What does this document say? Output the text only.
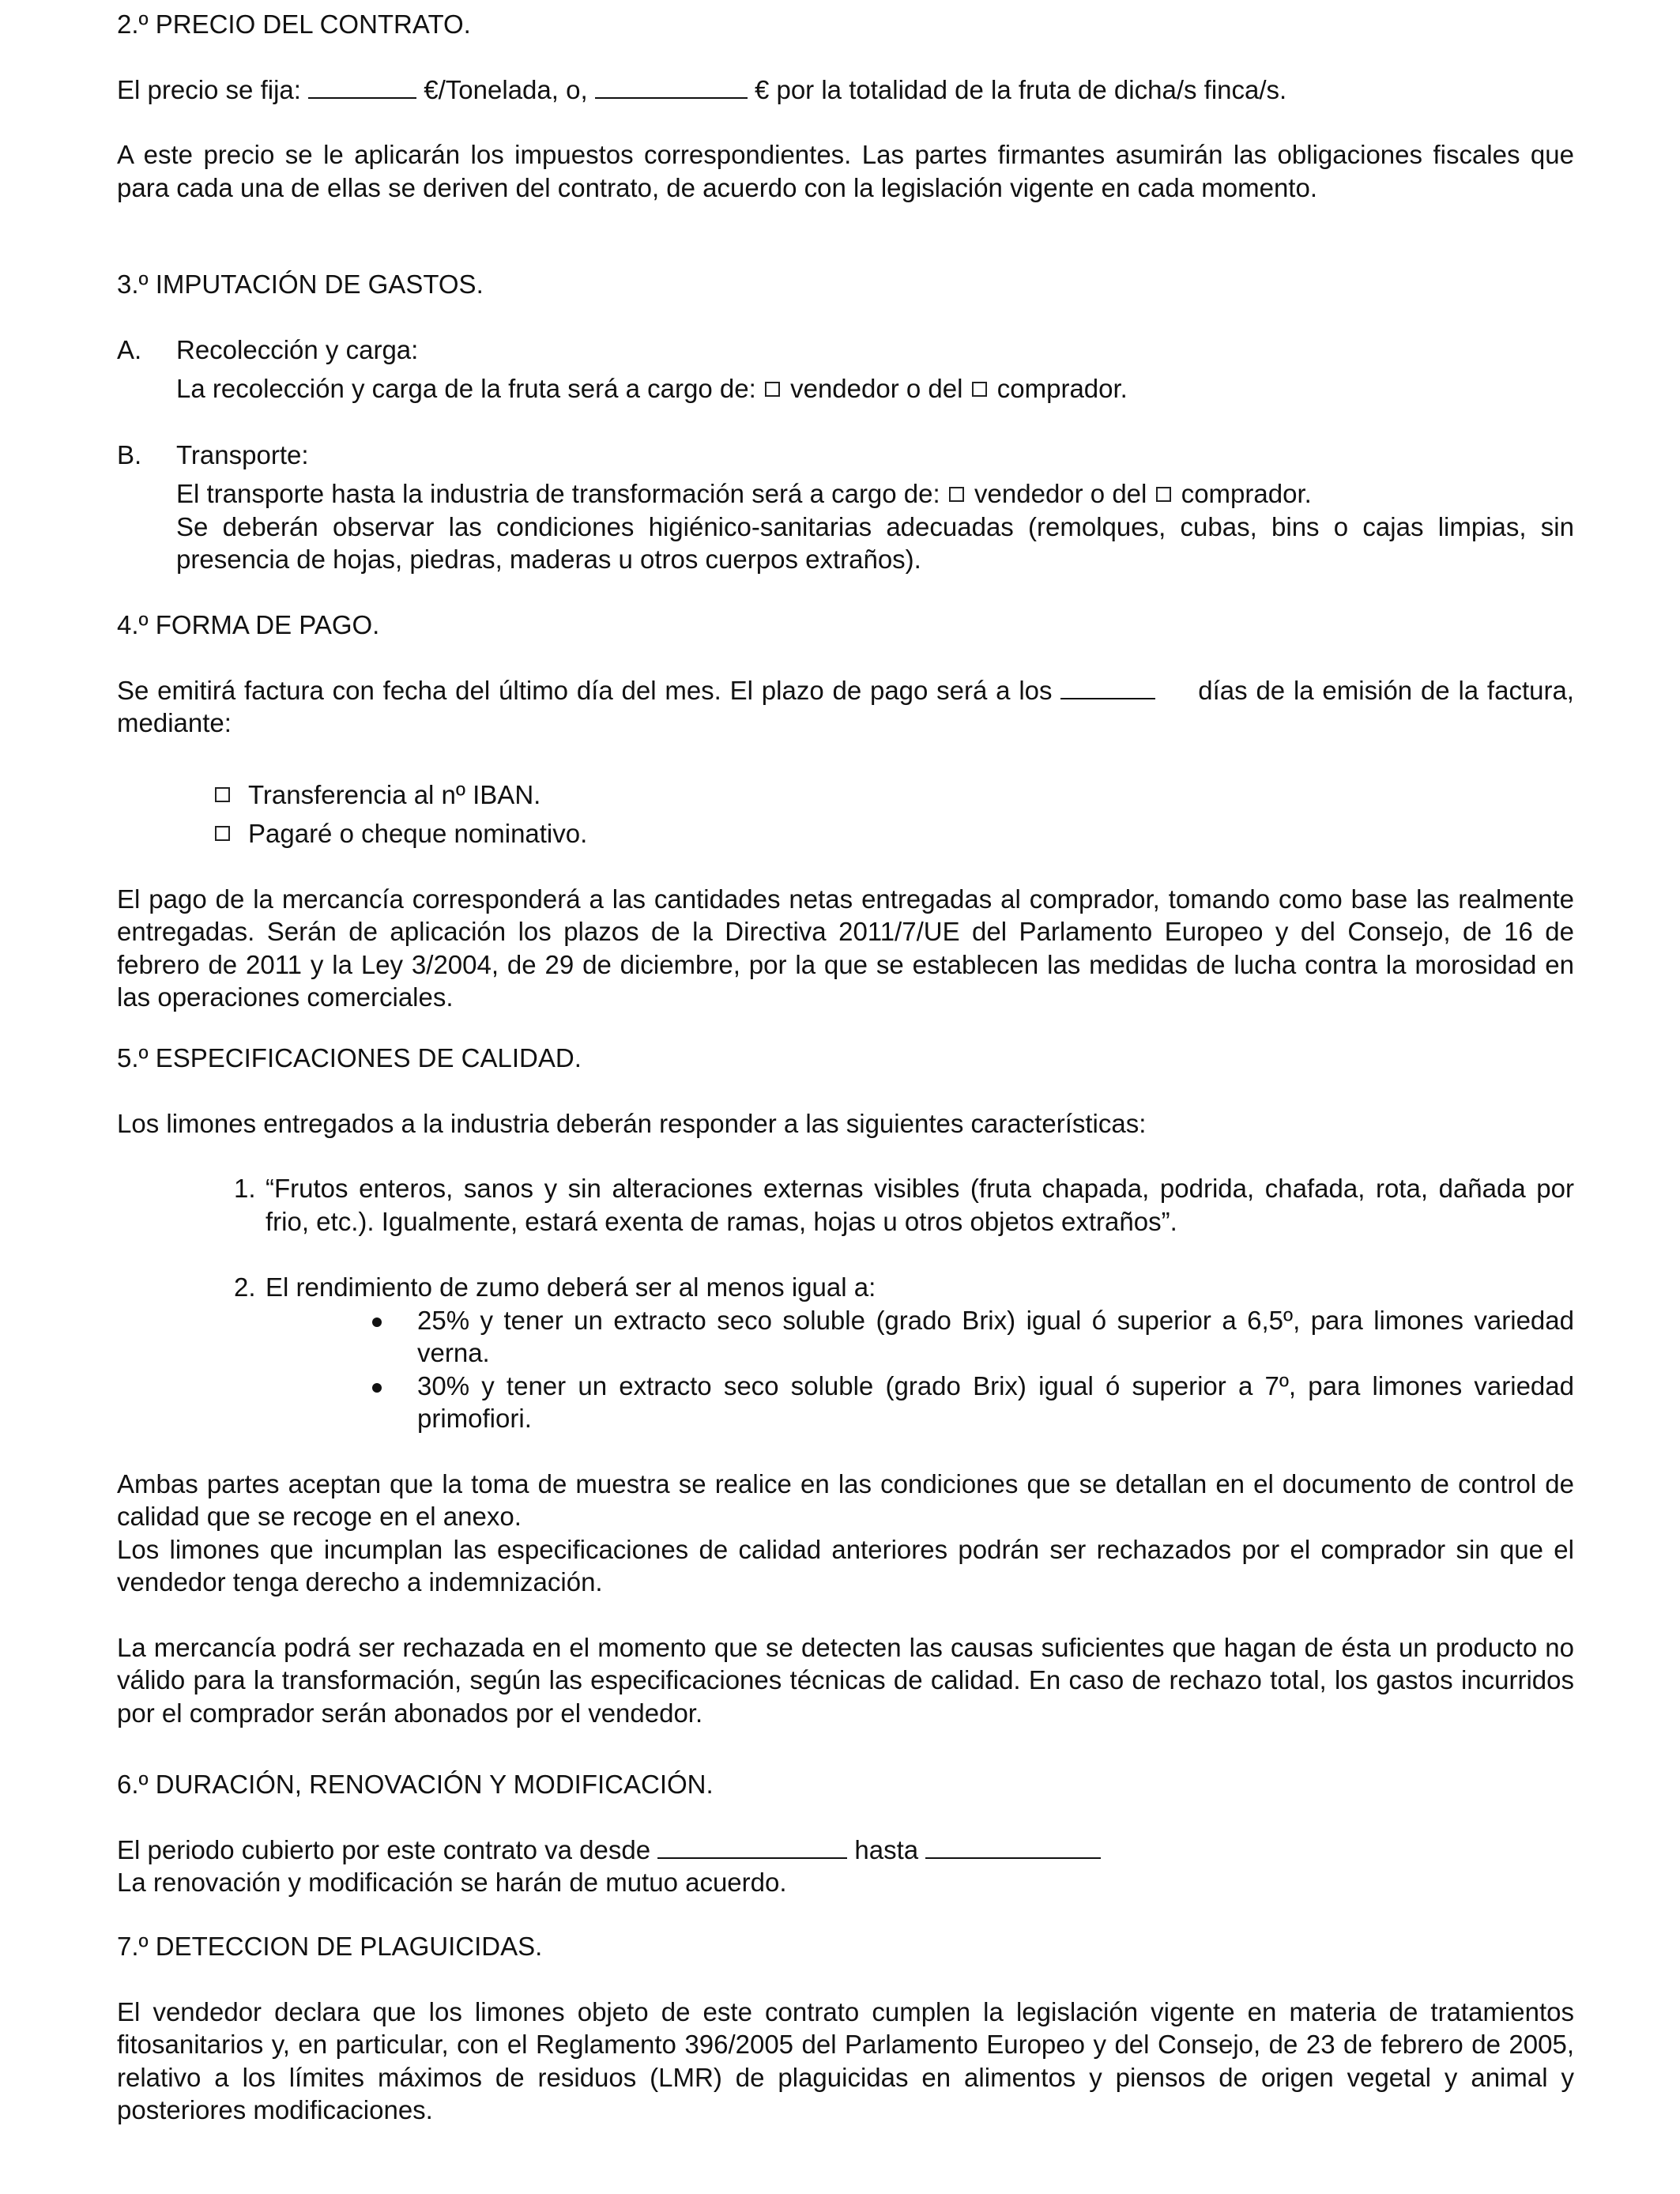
2.º PRECIO DEL CONTRATO.
El precio se fija:	€/Tonelada, o,	€ por la totalidad de la fruta de dicha/s finca/s.
A este precio se le aplicarán los impuestos correspondientes. Las partes firmantes asumirán las obligaciones fiscales que para cada una de ellas se deriven del contrato, de acuerdo con la legislación vigente en cada momento.
3.º IMPUTACIÓN DE GASTOS.
A.	Recolección y carga:
La recolección y carga de la fruta será a cargo de:  vendedor o del  comprador.
B.	Transporte:
El transporte hasta la industria de transformación será a cargo de:  vendedor o del  comprador.
Se deberán observar las condiciones higiénico-sanitarias adecuadas (remolques, cubas, bins o cajas limpias, sin presencia de hojas, piedras, maderas u otros cuerpos extraños).
4.º FORMA DE PAGO.
Se emitirá factura con fecha del último día del mes. El plazo de pago será a los	días de la emisión de la factura, mediante:
Transferencia al nº IBAN.
Pagaré o cheque nominativo.
El pago de la mercancía corresponderá a las cantidades netas entregadas al comprador, tomando como base las realmente entregadas. Serán de aplicación los plazos de la Directiva 2011/7/UE del Parlamento Europeo y del Consejo, de 16 de febrero de 2011 y la Ley 3/2004, de 29 de diciembre, por la que se establecen las medidas de lucha contra la morosidad en las operaciones comerciales.
5.º ESPECIFICACIONES DE CALIDAD.
Los limones entregados a la industria deberán responder a las siguientes características:
1. “Frutos enteros, sanos y sin alteraciones externas visibles (fruta chapada, podrida, chafada, rota, dañada por frio, etc.). Igualmente, estará exenta de ramas, hojas u otros objetos extraños”.
2. El rendimiento de zumo deberá ser al menos igual a:
25% y tener un extracto seco soluble (grado Brix) igual ó superior a 6,5º, para limones variedad verna.
30% y tener un extracto seco soluble (grado Brix) igual ó superior a 7º, para limones variedad primofiori.
Ambas partes aceptan que la toma de muestra se realice en las condiciones que se detallan en el documento de control de calidad que se recoge en el anexo.
Los limones que incumplan las especificaciones de calidad anteriores podrán ser rechazados por el comprador sin que el vendedor tenga derecho a indemnización.
La mercancía podrá ser rechazada en el momento que se detecten las causas suficientes que hagan de ésta un producto no válido para la transformación, según las especificaciones técnicas de calidad. En caso de rechazo total, los gastos incurridos por el comprador serán abonados por el vendedor.
6.º DURACIÓN, RENOVACIÓN Y MODIFICACIÓN.
El periodo cubierto por este contrato va desde	hasta
La renovación y modificación se harán de mutuo acuerdo.
7.º DETECCION DE PLAGUICIDAS.
El vendedor declara que los limones objeto de este contrato cumplen la legislación vigente en materia de tratamientos fitosanitarios y, en particular, con el Reglamento 396/2005 del Parlamento Europeo y del Consejo, de 23 de febrero de 2005, relativo a los límites máximos de residuos (LMR) de plaguicidas en alimentos y piensos de origen vegetal y animal y posteriores modificaciones.
